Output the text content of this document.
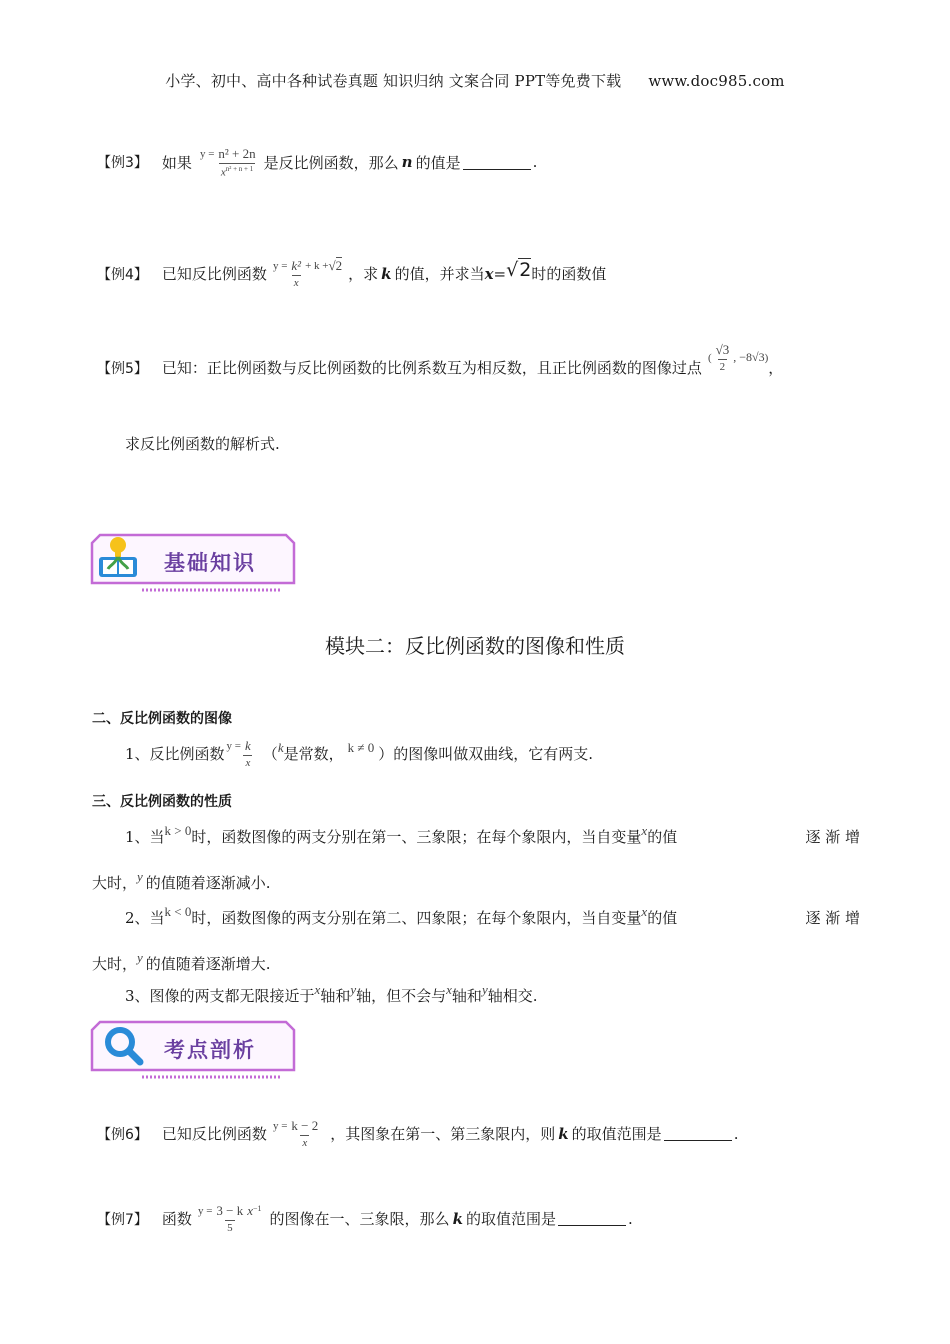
小学、初中、高中各种试卷真题 知识归纳 文案合同 PPT等免费下载 www.doc985.com
【例3】 如果 $y = \frac{\text{n² + 2n}}{x^{n^2 + n + 1}}$ 是反比例函数，那么 n 的值是	.
【例4】 已知反比例函数 $y = \frac{\text{k²}}{x} + k + √2$ ，求 k 的值，并求当 x = √2 时的函数值
【例5】 已知：正比例函数与反比例函数的比例系数互为相反数，且正比例函数的图像过点
( $\frac{√3}{2}$ , −8√3 )
，
求反比例函数的解析式.
基础知识
模块二：反比例函数的图像和性质
二、反比例函数的图像
1、反比例函数 $y = \frac{k}{x}$ （ k 是常数， k ≠ 0 ）的图像叫做双曲线，它有两支.
三、反比例函数的性质
1、当 k > 0 时，函数图像的两支分别在第一、三象限；在每个象限内，当自变量 x 的值	逐 渐 增
大时， y 的值随着逐渐减小.
2、当 k < 0 时，函数图像的两支分别在第二、四象限；在每个象限内，当自变量 x 的值	逐 渐 增
大时， y 的值随着逐渐增大.
3、图像的两支都无限接近于 x 轴和 y 轴，但不会与 x 轴和 y 轴相交.
考点剖析
【例6】 已知反比例函数 $y = \frac{k - 2}{x}$ ，其图象在第一、第三象限内，则 k 的取值范围是	.
【例7】 函数 $y = \frac{3 - k}{5} x^{-1}$
的图像在一、三象限，那么 k 的取值范围是	.
